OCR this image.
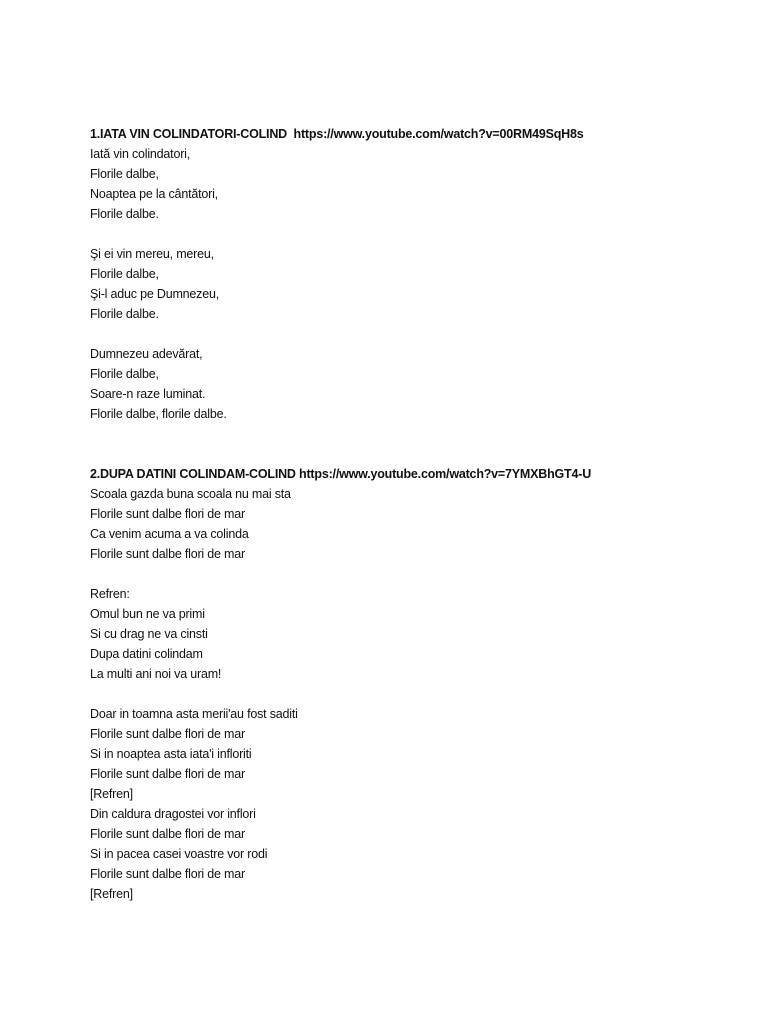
1.IATA VIN COLINDATORI-COLIND  https://www.youtube.com/watch?v=00RM49SqH8s
Iată vin colindatori,
Florile dalbe,
Noaptea pe la cântători,
Florile dalbe.
Şi ei vin mereu, mereu,
Florile dalbe,
Şi-l aduc pe Dumnezeu,
Florile dalbe.
Dumnezeu adevărat,
Florile dalbe,
Soare-n raze luminat.
Florile dalbe, florile dalbe.
2.DUPA DATINI COLINDAM-COLIND https://www.youtube.com/watch?v=7YMXBhGT4-U
Scoala gazda buna scoala nu mai sta
Florile sunt dalbe flori de mar
Ca venim acuma a va colinda
Florile sunt dalbe flori de mar
Refren:
Omul bun ne va primi
Si cu drag ne va cinsti
Dupa datini colindam
La multi ani noi va uram!
Doar in toamna asta merii'au fost saditi
Florile sunt dalbe flori de mar
Si in noaptea asta iata'i infloriti
Florile sunt dalbe flori de mar
[Refren]
Din caldura dragostei vor inflori
Florile sunt dalbe flori de mar
Si in pacea casei voastre vor rodi
Florile sunt dalbe flori de mar
[Refren]
